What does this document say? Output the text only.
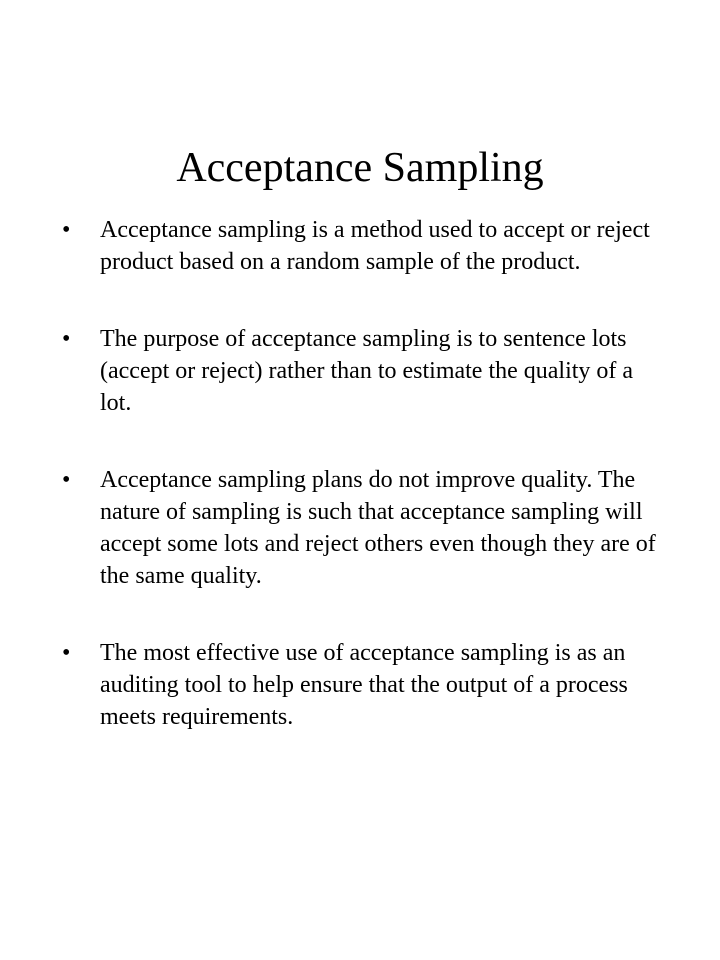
Acceptance Sampling
•	Acceptance sampling is a method used to accept or reject product based on a random sample of the product.
•	The purpose of acceptance sampling is to sentence lots (accept or reject) rather than to estimate the quality of a lot.
•	Acceptance sampling plans do not improve quality. The nature of sampling is such that acceptance sampling will accept some lots and reject others even though they are of the same quality.
•	The most effective use of acceptance sampling is as an auditing tool to help ensure that the output of a process meets requirements.
